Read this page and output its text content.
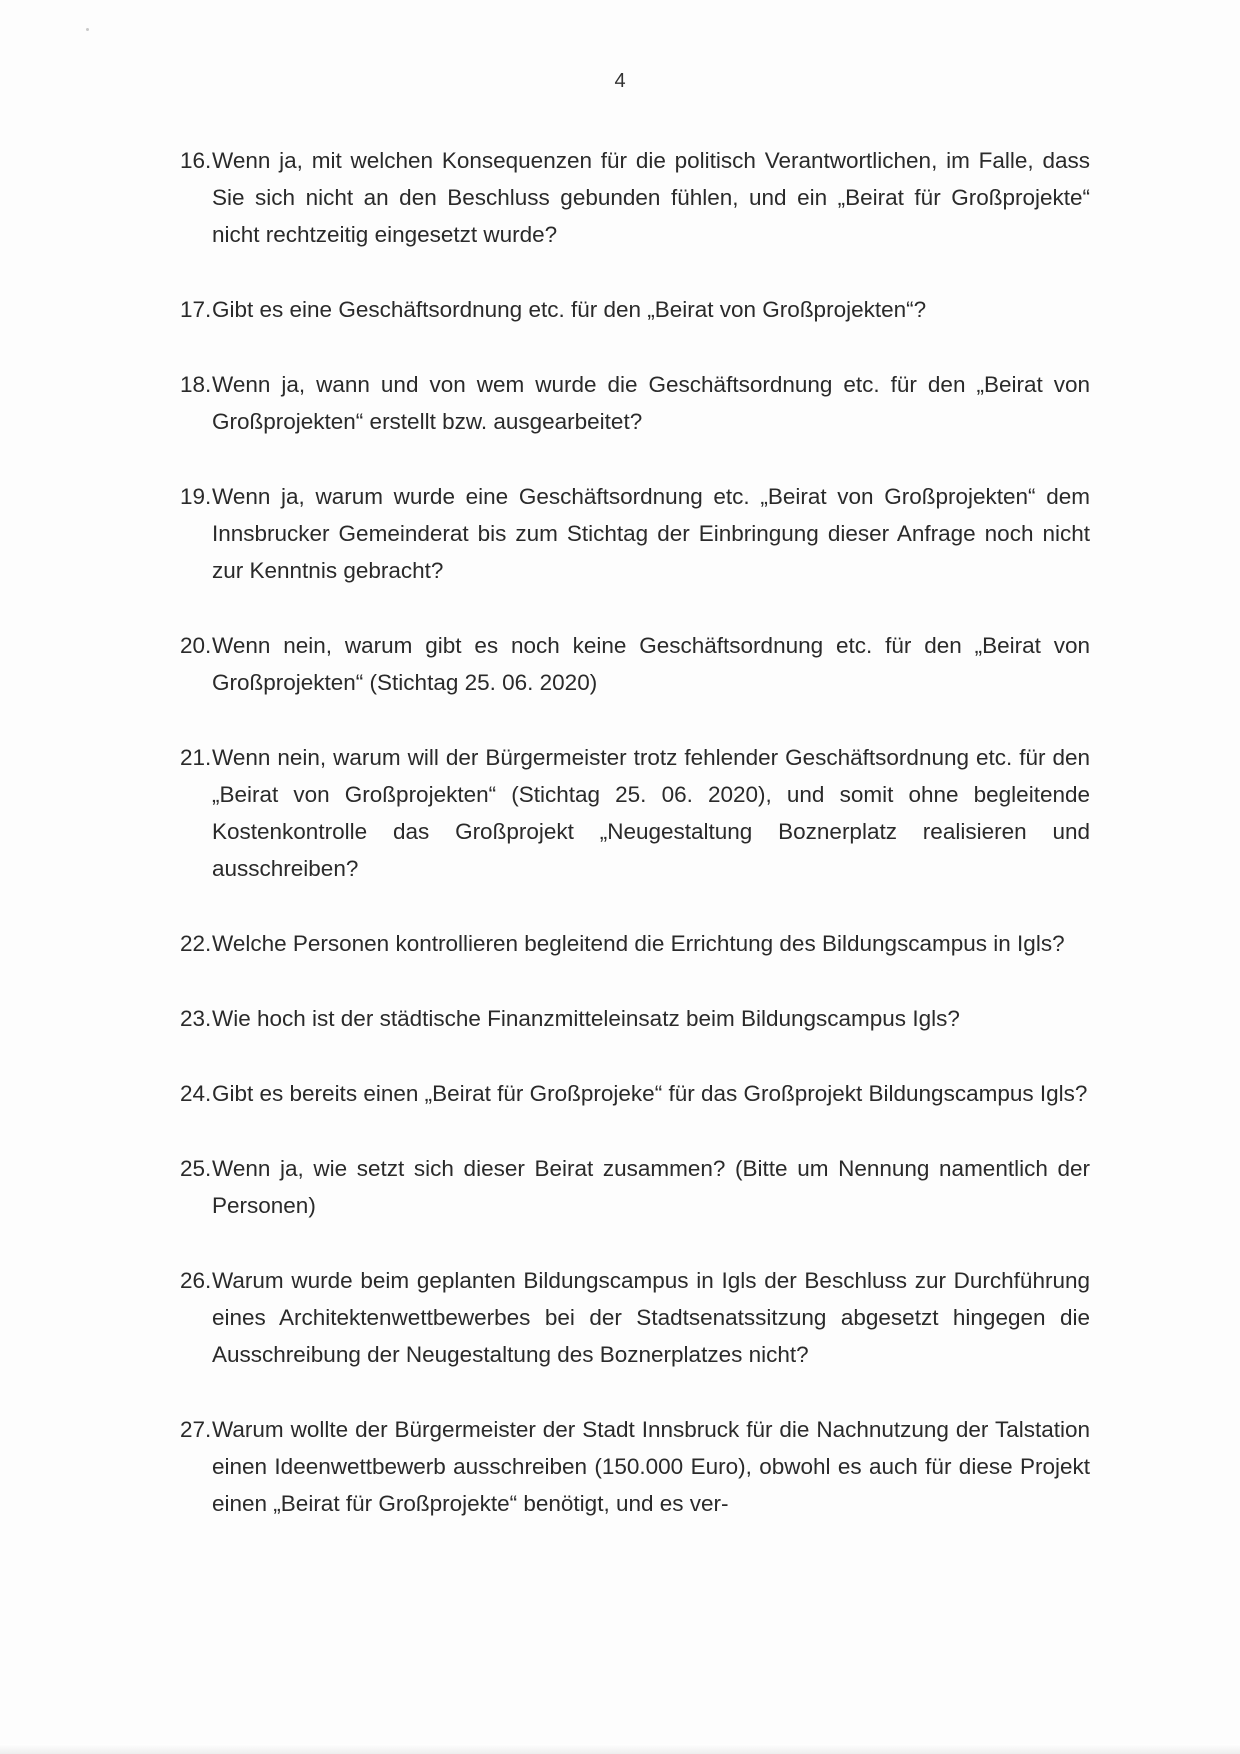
4
16. Wenn ja, mit welchen Konsequenzen für die politisch Verantwortlichen, im Falle, dass Sie sich nicht an den Beschluss gebunden fühlen, und ein „Beirat für Großprojekte“ nicht rechtzeitig eingesetzt wurde?
17. Gibt es eine Geschäftsordnung etc. für den „Beirat von Großprojekten“?
18. Wenn ja, wann und von wem wurde die Geschäftsordnung etc. für den „Beirat von Großprojekten“ erstellt bzw. ausgearbeitet?
19. Wenn ja, warum wurde eine Geschäftsordnung etc. „Beirat von Großprojekten“ dem Innsbrucker Gemeinderat bis zum Stichtag der Einbringung dieser Anfrage noch nicht zur Kenntnis gebracht?
20. Wenn nein, warum gibt es noch keine Geschäftsordnung etc. für den „Beirat von Großprojekten“ (Stichtag 25. 06. 2020)
21. Wenn nein, warum will der Bürgermeister trotz fehlender Geschäftsordnung etc. für den „Beirat von Großprojekten“ (Stichtag 25. 06. 2020), und somit ohne begleitende Kostenkontrolle das Großprojekt „Neugestaltung Boznerplatz realisieren und ausschreiben?
22. Welche Personen kontrollieren begleitend die Errichtung des Bildungscampus in Igls?
23. Wie hoch ist der städtische Finanzmitteleinsatz beim Bildungscampus Igls?
24. Gibt es bereits einen „Beirat für Großprojeke“ für das Großprojekt Bildungscampus Igls?
25. Wenn ja, wie setzt sich dieser Beirat zusammen? (Bitte um Nennung namentlich der Personen)
26. Warum wurde beim geplanten Bildungscampus in Igls der Beschluss zur Durchführung eines Architektenwettbewerbes bei der Stadtsenatssitzung abgesetzt hingegen die Ausschreibung der Neugestaltung des Boznerplatzes nicht?
27. Warum wollte der Bürgermeister der Stadt Innsbruck für die Nachnutzung der Talstation einen Ideenwettbewerb ausschreiben (150.000 Euro), obwohl es auch für diese Projekt einen „Beirat für Großprojekte“ benötigt, und es ver-
